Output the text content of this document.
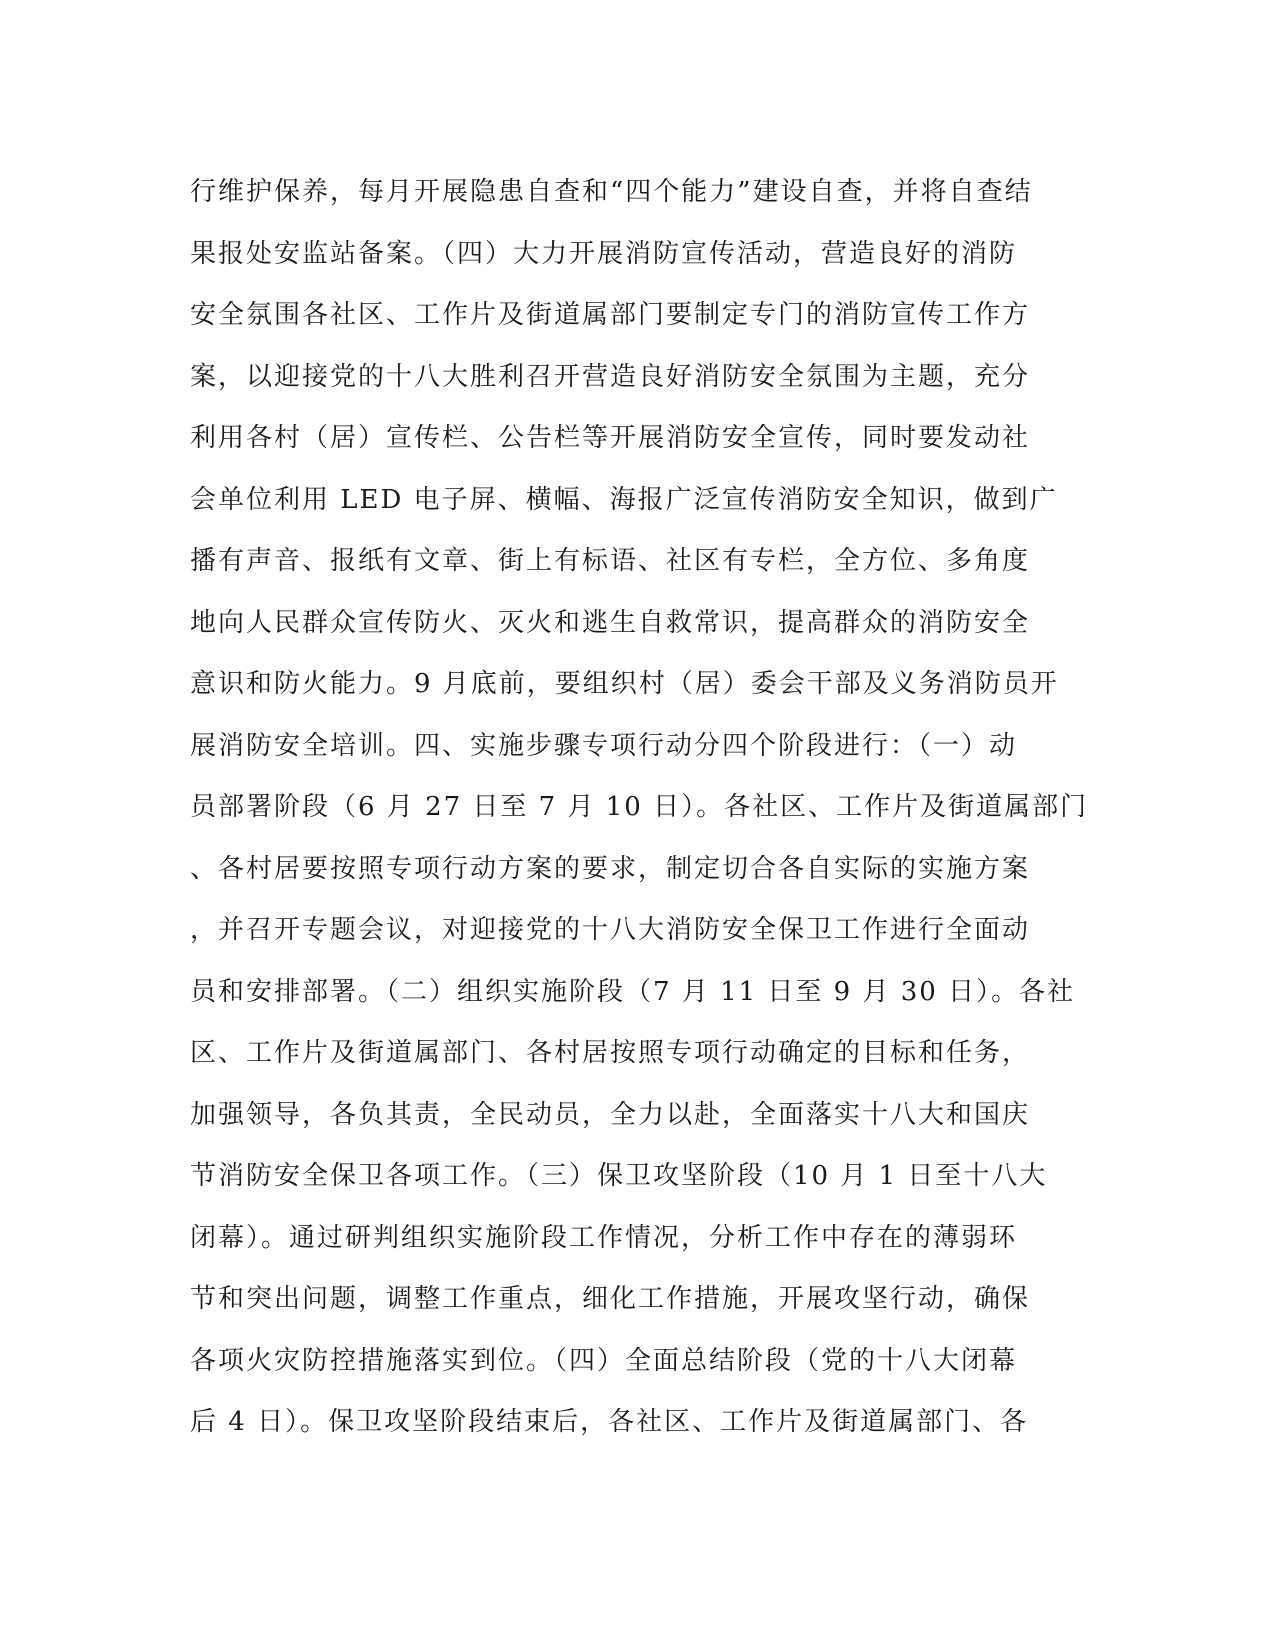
行维护保养，每月开展隐患自查和“四个能力”建设自查，并将自查结
果报处安监站备案。（四）大力开展消防宣传活动，营造良好的消防
安全氛围各社区、工作片及街道属部门要制定专门的消防宣传工作方
案，以迎接党的十八大胜利召开营造良好消防安全氛围为主题，充分
利用各村（居）宣传栏、公告栏等开展消防安全宣传，同时要发动社
会单位利用 LED 电子屏、横幅、海报广泛宣传消防安全知识，做到广
播有声音、报纸有文章、街上有标语、社区有专栏，全方位、多角度
地向人民群众宣传防火、灭火和逃生自救常识，提高群众的消防安全
意识和防火能力。9 月底前，要组织村（居）委会干部及义务消防员开
展消防安全培训。四、实施步骤专项行动分四个阶段进行：（一）动
员部署阶段（6 月 27 日至 7 月 10 日）。各社区、工作片及街道属部门
、各村居要按照专项行动方案的要求，制定切合各自实际的实施方案
，并召开专题会议，对迎接党的十八大消防安全保卫工作进行全面动
员和安排部署。（二）组织实施阶段（7 月 11 日至 9 月 30 日）。各社
区、工作片及街道属部门、各村居按照专项行动确定的目标和任务，
加强领导，各负其责，全民动员，全力以赴，全面落实十八大和国庆
节消防安全保卫各项工作。（三）保卫攻坚阶段（10 月 1 日至十八大
闭幕）。通过研判组织实施阶段工作情况，分析工作中存在的薄弱环
节和突出问题，调整工作重点，细化工作措施，开展攻坚行动，确保
各项火灾防控措施落实到位。（四）全面总结阶段（党的十八大闭幕
后 4 日）。保卫攻坚阶段结束后，各社区、工作片及街道属部门、各
